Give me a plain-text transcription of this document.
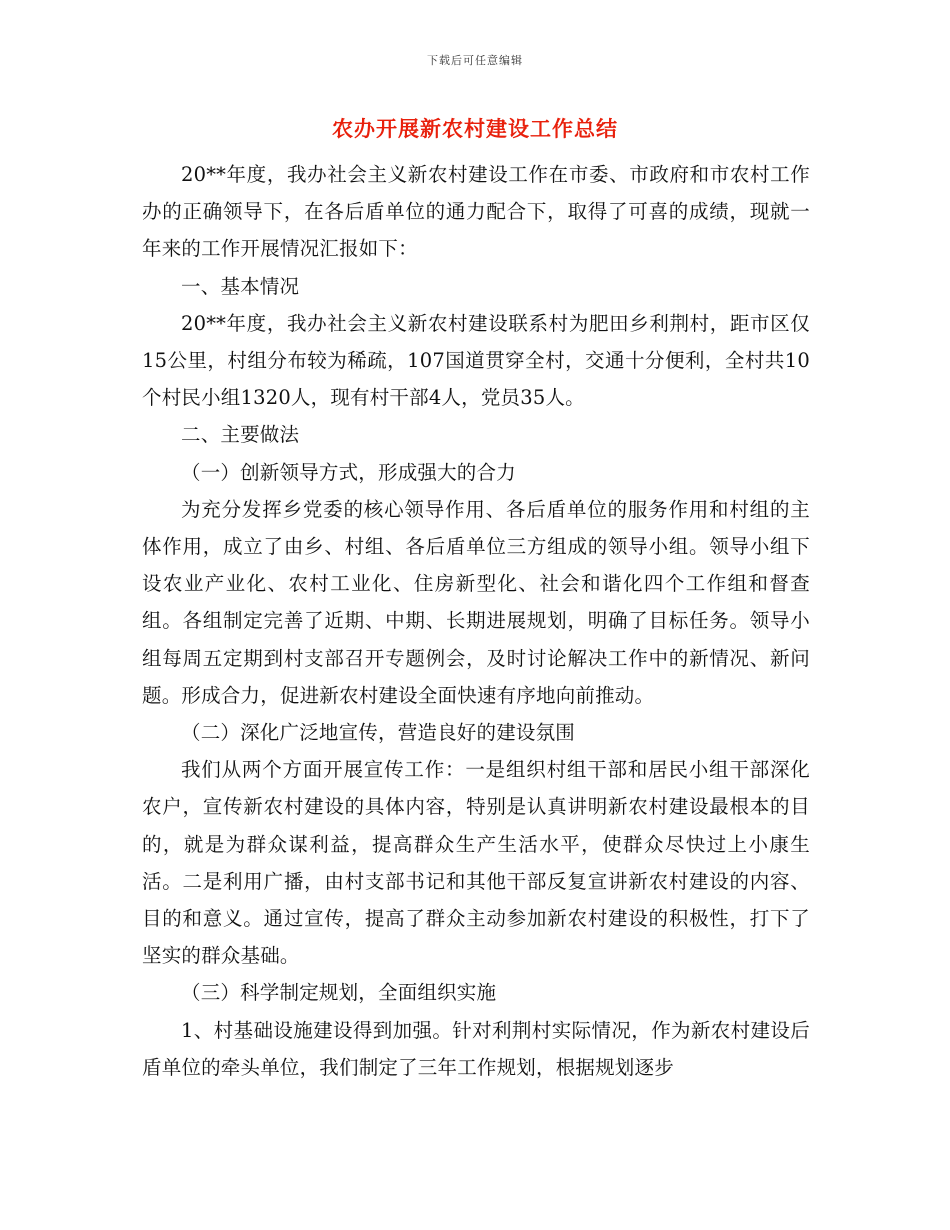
下载后可任意编辑
农办开展新农村建设工作总结

20**年度，我办社会主义新农村建设工作在市委、市政府和市农村工作办的正确领导下，在各后盾单位的通力配合下，取得了可喜的成绩，现就一年来的工作开展情况汇报如下：

一、基本情况

20**年度，我办社会主义新农村建设联系村为肥田乡利荆村，距市区仅15公里，村组分布较为稀疏，107国道贯穿全村，交通十分便利，全村共10个村民小组1320人，现有村干部4人，党员35人。

二、主要做法

（一）创新领导方式，形成强大的合力

为充分发挥乡党委的核心领导作用、各后盾单位的服务作用和村组的主体作用，成立了由乡、村组、各后盾单位三方组成的领导小组。领导小组下设农业产业化、农村工业化、住房新型化、社会和谐化四个工作组和督查组。各组制定完善了近期、中期、长期进展规划，明确了目标任务。领导小组每周五定期到村支部召开专题例会，及时讨论解决工作中的新情况、新问题。形成合力，促进新农村建设全面快速有序地向前推动。

（二）深化广泛地宣传，营造良好的建设氛围

我们从两个方面开展宣传工作：一是组织村组干部和居民小组干部深化农户，宣传新农村建设的具体内容，特别是认真讲明新农村建设最根本的目的，就是为群众谋利益，提高群众生产生活水平，使群众尽快过上小康生活。二是利用广播，由村支部书记和其他干部反复宣讲新农村建设的内容、目的和意义。通过宣传，提高了群众主动参加新农村建设的积极性，打下了坚实的群众基础。

（三）科学制定规划，全面组织实施

1、村基础设施建设得到加强。针对利荆村实际情况，作为新农村建设后盾单位的牵头单位，我们制定了三年工作规划，根据规划逐步
